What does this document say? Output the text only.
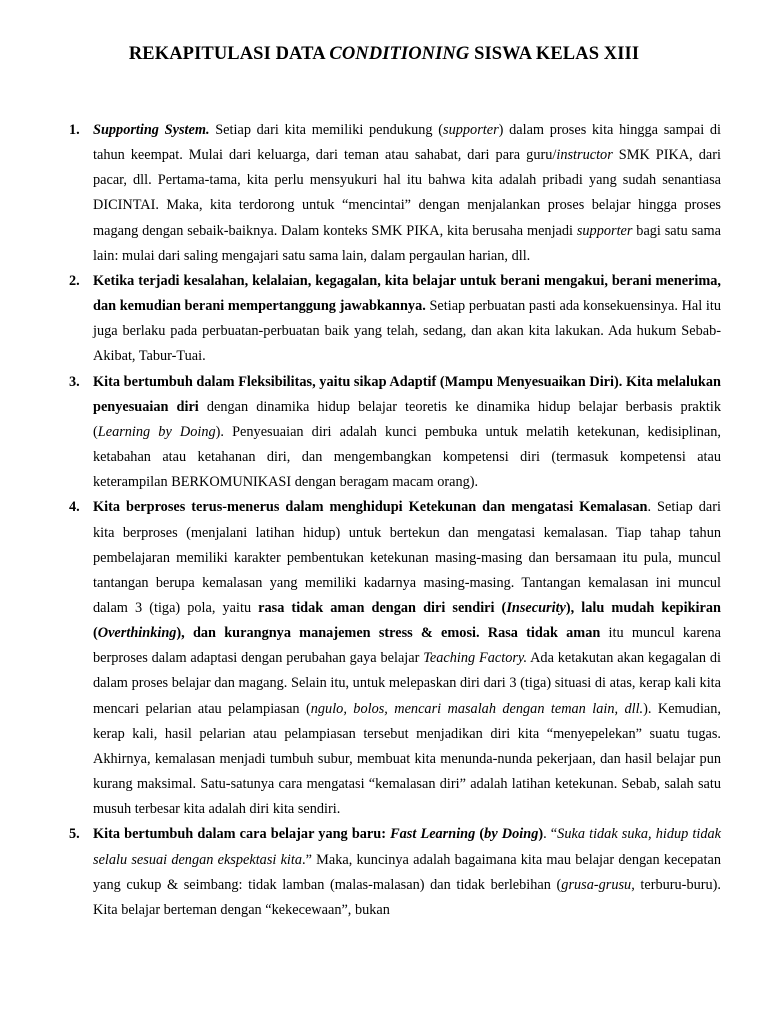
REKAPITULASI DATA CONDITIONING SISWA KELAS XIII
1. Supporting System. Setiap dari kita memiliki pendukung (supporter) dalam proses kita hingga sampai di tahun keempat. Mulai dari keluarga, dari teman atau sahabat, dari para guru/instructor SMK PIKA, dari pacar, dll. Pertama-tama, kita perlu mensyukuri hal itu bahwa kita adalah pribadi yang sudah senantiasa DICINTAI. Maka, kita terdorong untuk “mencintai” dengan menjalankan proses belajar hingga proses magang dengan sebaik-baiknya. Dalam konteks SMK PIKA, kita berusaha menjadi supporter bagi satu sama lain: mulai dari saling mengajari satu sama lain, dalam pergaulan harian, dll.
2. Ketika terjadi kesalahan, kelalaian, kegagalan, kita belajar untuk berani mengakui, berani menerima, dan kemudian berani mempertanggung jawabkannya. Setiap perbuatan pasti ada konsekuensinya. Hal itu juga berlaku pada perbuatan-perbuatan baik yang telah, sedang, dan akan kita lakukan. Ada hukum Sebab-Akibat, Tabur-Tuai.
3. Kita bertumbuh dalam Fleksibilitas, yaitu sikap Adaptif (Mampu Menyesuaikan Diri). Kita melalukan penyesuaian diri dengan dinamika hidup belajar teoretis ke dinamika hidup belajar berbasis praktik (Learning by Doing). Penyesuaian diri adalah kunci pembuka untuk melatih ketekunan, kedisiplinan, ketabahan atau ketahanan diri, dan mengembangkan kompetensi diri (termasuk kompetensi atau keterampilan BERKOMUNIKASI dengan beragam macam orang).
4. Kita berproses terus-menerus dalam menghidupi Ketekunan dan mengatasi Kemalasan. Setiap dari kita berproses (menjalani latihan hidup) untuk bertekun dan mengatasi kemalasan. Tiap tahap tahun pembelajaran memiliki karakter pembentukan ketekunan masing-masing dan bersamaan itu pula, muncul tantangan berupa kemalasan yang memiliki kadarnya masing-masing. Tantangan kemalasan ini muncul dalam 3 (tiga) pola, yaitu rasa tidak aman dengan diri sendiri (Insecurity), lalu mudah kepikiran (Overthinking), dan kurangnya manajemen stress & emosi. Rasa tidak aman itu muncul karena berproses dalam adaptasi dengan perubahan gaya belajar Teaching Factory. Ada ketakutan akan kegagalan di dalam proses belajar dan magang. Selain itu, untuk melepaskan diri dari 3 (tiga) situasi di atas, kerap kali kita mencari pelarian atau pelampiasan (ngulo, bolos, mencari masalah dengan teman lain, dll.). Kemudian, kerap kali, hasil pelarian atau pelampiasan tersebut menjadikan diri kita “menyepelekan” suatu tugas. Akhirnya, kemalasan menjadi tumbuh subur, membuat kita menunda-nunda pekerjaan, dan hasil belajar pun kurang maksimal. Satu-satunya cara mengatasi “kemalasan diri” adalah latihan ketekunan. Sebab, salah satu musuh terbesar kita adalah diri kita sendiri.
5. Kita bertumbuh dalam cara belajar yang baru: Fast Learning (by Doing). “Suka tidak suka, hidup tidak selalu sesuai dengan ekspektasi kita.” Maka, kuncinya adalah bagaimana kita mau belajar dengan kecepatan yang cukup & seimbang: tidak lamban (malas-malasan) dan tidak berlebihan (grusa-grusu, terburu-buru). Kita belajar berteman dengan “kekecewaan”, bukan
